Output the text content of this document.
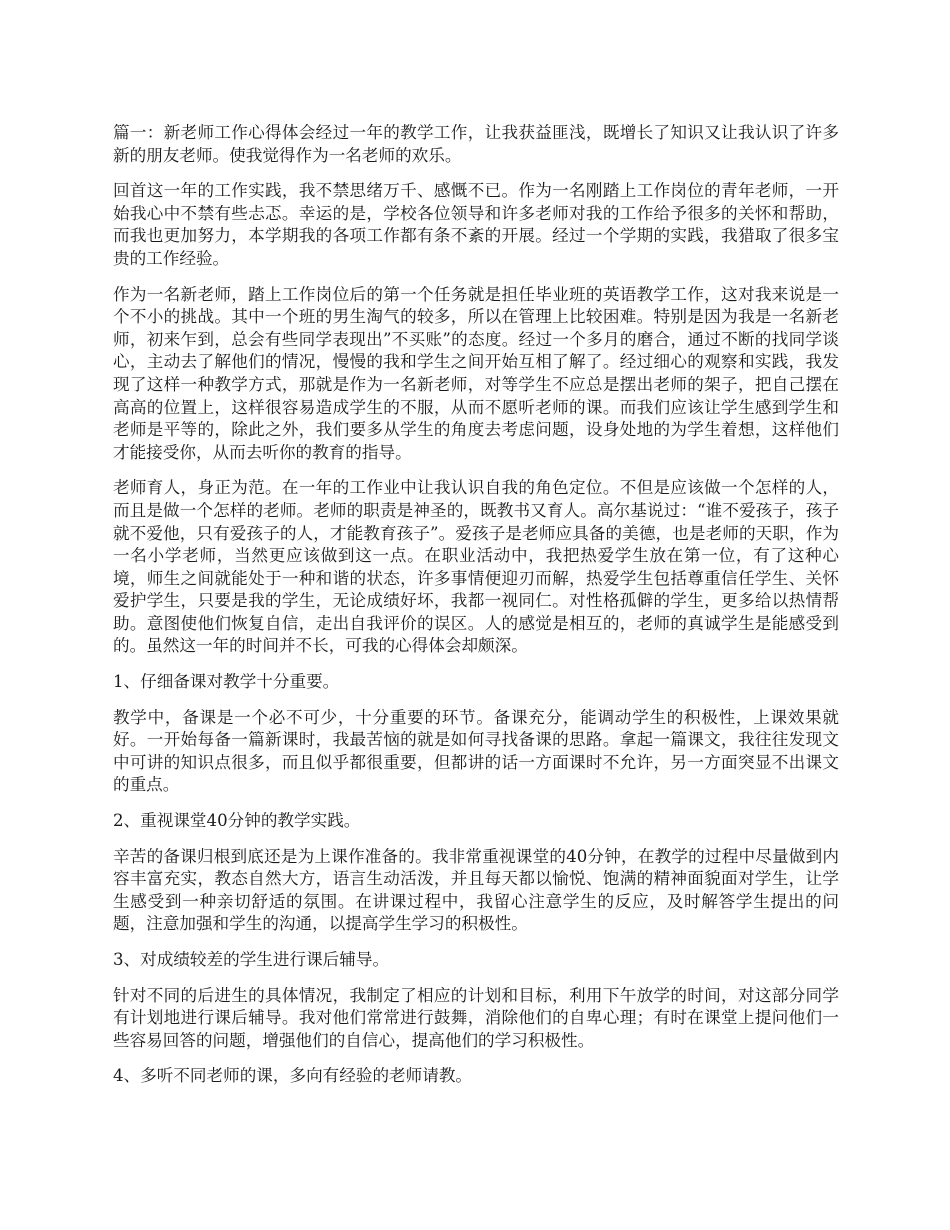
篇一：新老师工作心得体会经过一年的教学工作，让我获益匪浅，既增长了知识又让我认识了许多新的朋友老师。使我觉得作为一名老师的欢乐。

回首这一年的工作实践，我不禁思绪万千、感慨不已。作为一名刚踏上工作岗位的青年老师，一开始我心中不禁有些忐忑。幸运的是，学校各位领导和许多老师对我的工作给予很多的关怀和帮助，而我也更加努力，本学期我的各项工作都有条不紊的开展。经过一个学期的实践，我猎取了很多宝贵的工作经验。

作为一名新老师，踏上工作岗位后的第一个任务就是担任毕业班的英语教学工作，这对我来说是一个不小的挑战。其中一个班的男生淘气的较多，所以在管理上比较困难。特别是因为我是一名新老师，初来乍到，总会有些同学表现出”不买账”的态度。经过一个多月的磨合，通过不断的找同学谈心，主动去了解他们的情况，慢慢的我和学生之间开始互相了解了。经过细心的观察和实践，我发现了这样一种教学方式，那就是作为一名新老师，对等学生不应总是摆出老师的架子，把自己摆在高高的位置上，这样很容易造成学生的不服，从而不愿听老师的课。而我们应该让学生感到学生和老师是平等的，除此之外，我们要多从学生的角度去考虑问题，设身处地的为学生着想，这样他们才能接受你，从而去听你的教育的指导。

老师育人，身正为范。在一年的工作业中让我认识自我的角色定位。不但是应该做一个怎样的人，而且是做一个怎样的老师。老师的职责是神圣的，既教书又育人。高尔基说过：“谁不爱孩子，孩子就不爱他，只有爱孩子的人，才能教育孩子”。爱孩子是老师应具备的美德，也是老师的天职，作为一名小学老师，当然更应该做到这一点。在职业活动中，我把热爱学生放在第一位，有了这种心境，师生之间就能处于一种和谐的状态，许多事情便迎刃而解，热爱学生包括尊重信任学生、关怀爱护学生，只要是我的学生，无论成绩好坏，我都一视同仁。对性格孤僻的学生，更多给以热情帮助。意图使他们恢复自信，走出自我评价的误区。人的感觉是相互的，老师的真诚学生是能感受到的。虽然这一年的时间并不长，可我的心得体会却颇深。

1、仔细备课对教学十分重要。

教学中，备课是一个必不可少，十分重要的环节。备课充分，能调动学生的积极性，上课效果就好。一开始每备一篇新课时，我最苦恼的就是如何寻找备课的思路。拿起一篇课文，我往往发现文中可讲的知识点很多，而且似乎都很重要，但都讲的话一方面课时不允许，另一方面突显不出课文的重点。

2、重视课堂40分钟的教学实践。

辛苦的备课归根到底还是为上课作准备的。我非常重视课堂的40分钟，在教学的过程中尽量做到内容丰富充实，教态自然大方，语言生动活泼，并且每天都以愉悦、饱满的精神面貌面对学生，让学生感受到一种亲切舒适的氛围。在讲课过程中，我留心注意学生的反应，及时解答学生提出的问题，注意加强和学生的沟通，以提高学生学习的积极性。

3、对成绩较差的学生进行课后辅导。

针对不同的后进生的具体情况，我制定了相应的计划和目标，利用下午放学的时间，对这部分同学有计划地进行课后辅导。我对他们常常进行鼓舞，消除他们的自卑心理；有时在课堂上提问他们一些容易回答的问题，增强他们的自信心，提高他们的学习积极性。

4、多听不同老师的课，多向有经验的老师请教。
